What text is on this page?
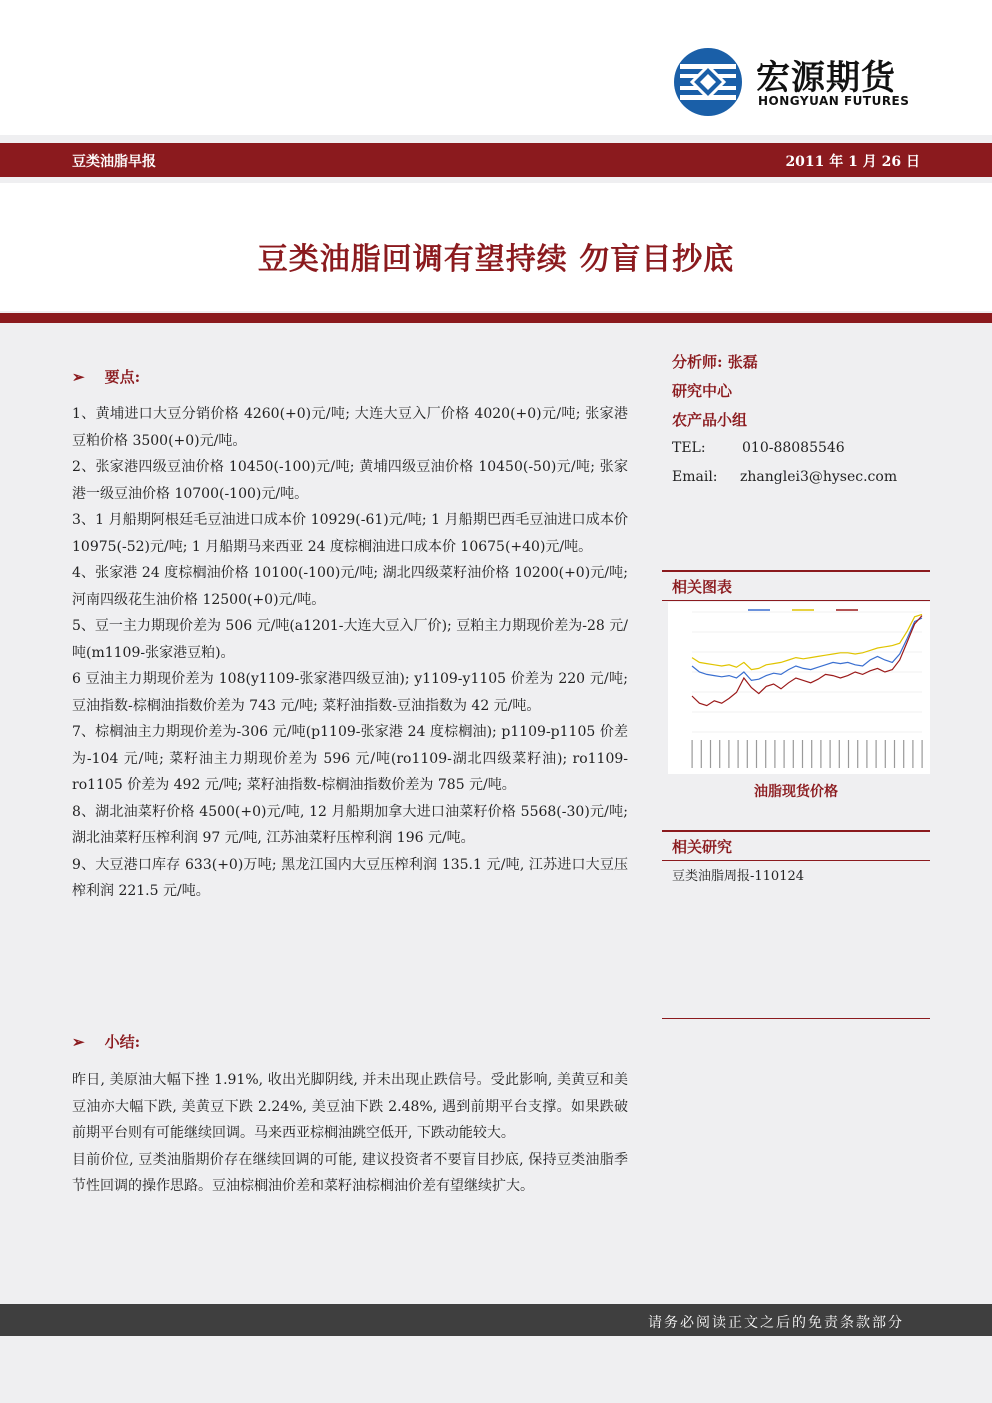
宏源期货
HONGYUAN FUTURES
豆类油脂早报	2011 年 1 月 26 日
豆类油脂回调有望持续 勿盲目抄底
➢ 要点:

1、黄埔进口大豆分销价格 4260(+0)元/吨; 大连大豆入厂价格 4020(+0)元/吨; 张家港豆粕价格 3500(+0)元/吨。

2、张家港四级豆油价格 10450(-100)元/吨; 黄埔四级豆油价格 10450(-50)元/吨; 张家港一级豆油价格 10700(-100)元/吨。

3、1 月船期阿根廷毛豆油进口成本价 10929(-61)元/吨; 1 月船期巴西毛豆油进口成本价 10975(-52)元/吨; 1 月船期马来西亚 24 度棕榈油进口成本价 10675(+40)元/吨。

4、张家港 24 度棕榈油价格 10100(-100)元/吨; 湖北四级菜籽油价格 10200(+0)元/吨; 河南四级花生油价格 12500(+0)元/吨。

5、豆一主力期现价差为 506 元/吨(a1201-大连大豆入厂价); 豆粕主力期现价差为-28 元/吨(m1109-张家港豆粕)。

6 豆油主力期现价差为 108(y1109-张家港四级豆油); y1109-y1105 价差为 220 元/吨; 豆油指数-棕榈油指数价差为 743 元/吨; 菜籽油指数-豆油指数为 42 元/吨。

7、棕榈油主力期现价差为-306 元/吨(p1109-张家港 24 度棕榈油); p1109-p1105 价差为-104 元/吨; 菜籽油主力期现价差为 596 元/吨(ro1109-湖北四级菜籽油); ro1109-ro1105 价差为 492 元/吨; 菜籽油指数-棕榈油指数价差为 785 元/吨。

8、湖北油菜籽价格 4500(+0)元/吨, 12 月船期加拿大进口油菜籽价格 5568(-30)元/吨; 湖北油菜籽压榨利润 97 元/吨, 江苏油菜籽压榨利润 196 元/吨。

9、大豆港口库存 633(+0)万吨; 黑龙江国内大豆压榨利润 135.1 元/吨, 江苏进口大豆压榨利润 221.5 元/吨。

➢ 小结:

昨日, 美原油大幅下挫 1.91%, 收出光脚阴线, 并未出现止跌信号。受此影响, 美黄豆和美豆油亦大幅下跌, 美黄豆下跌 2.24%, 美豆油下跌 2.48%, 遇到前期平台支撑。如果跌破前期平台则有可能继续回调。马来西亚棕榈油跳空低开, 下跌动能较大。

目前价位, 豆类油脂期价存在继续回调的可能, 建议投资者不要盲目抄底, 保持豆类油脂季节性回调的操作思路。豆油棕榈油价差和菜籽油棕榈油价差有望继续扩大。

分析师: 张磊
研究中心
农产品小组
TEL:	010-88085546
Email: zhanglei3@hysec.com
相关图表
油脂现货价格
相关研究
豆类油脂周报-110124
请务必阅读正文之后的免责条款部分
